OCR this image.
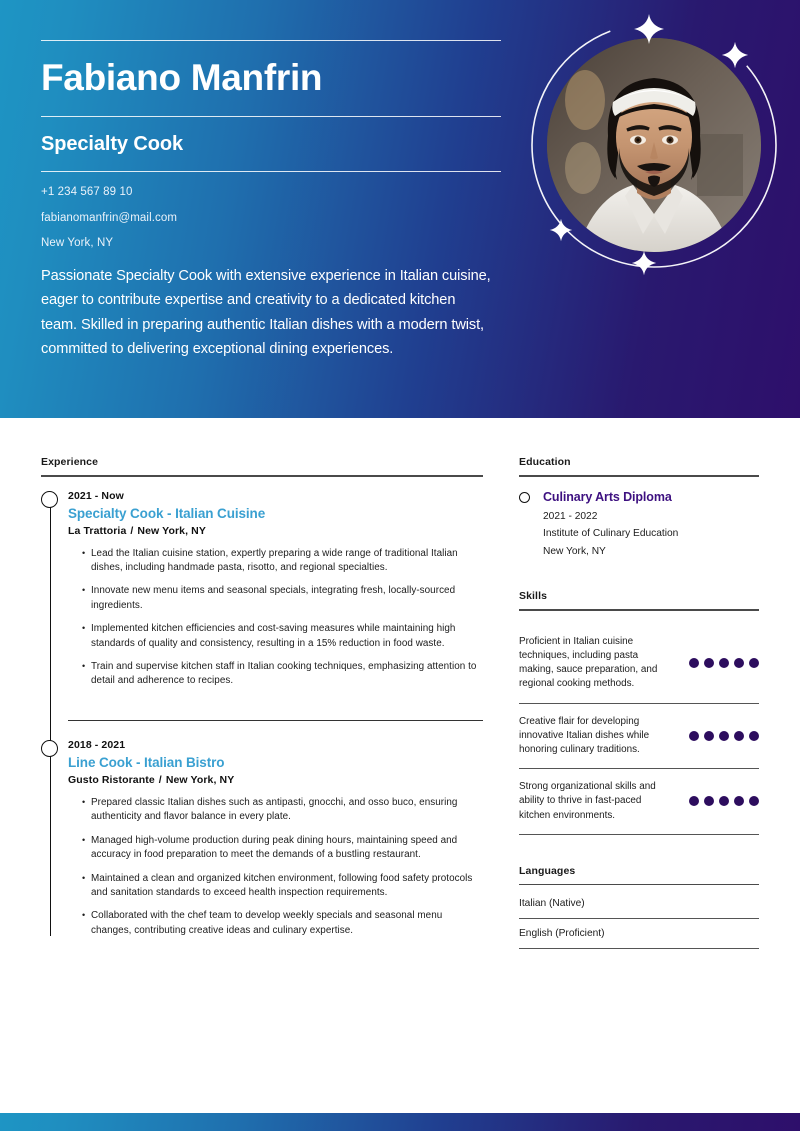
Fabiano Manfrin
Specialty Cook
+1 234 567 89 10
fabianomanfrin@mail.com
New York, NY
Passionate Specialty Cook with extensive experience in Italian cuisine, eager to contribute expertise and creativity to a dedicated kitchen team. Skilled in preparing authentic Italian dishes with a modern twist, committed to delivering exceptional dining experiences.
Experience
2021 - Now
Specialty Cook - Italian Cuisine
La Trattoria / New York, NY
• Lead the Italian cuisine station, expertly preparing a wide range of traditional Italian dishes, including handmade pasta, risotto, and regional specialties.
• Innovate new menu items and seasonal specials, integrating fresh, locally-sourced ingredients.
• Implemented kitchen efficiencies and cost-saving measures while maintaining high standards of quality and consistency, resulting in a 15% reduction in food waste.
• Train and supervise kitchen staff in Italian cooking techniques, emphasizing attention to detail and adherence to recipes.
2018 - 2021
Line Cook - Italian Bistro
Gusto Ristorante / New York, NY
• Prepared classic Italian dishes such as antipasti, gnocchi, and osso buco, ensuring authenticity and flavor balance in every plate.
• Managed high-volume production during peak dining hours, maintaining speed and accuracy in food preparation to meet the demands of a bustling restaurant.
• Maintained a clean and organized kitchen environment, following food safety protocols and sanitation standards to exceed health inspection requirements.
• Collaborated with the chef team to develop weekly specials and seasonal menu changes, contributing creative ideas and culinary expertise.
Education
Culinary Arts Diploma
2021 - 2022
Institute of Culinary Education
New York, NY
Skills
Proficient in Italian cuisine techniques, including pasta making, sauce preparation, and regional cooking methods.
Creative flair for developing innovative Italian dishes while honoring culinary traditions.
Strong organizational skills and ability to thrive in fast-paced kitchen environments.
Languages
Italian (Native)
English (Proficient)
